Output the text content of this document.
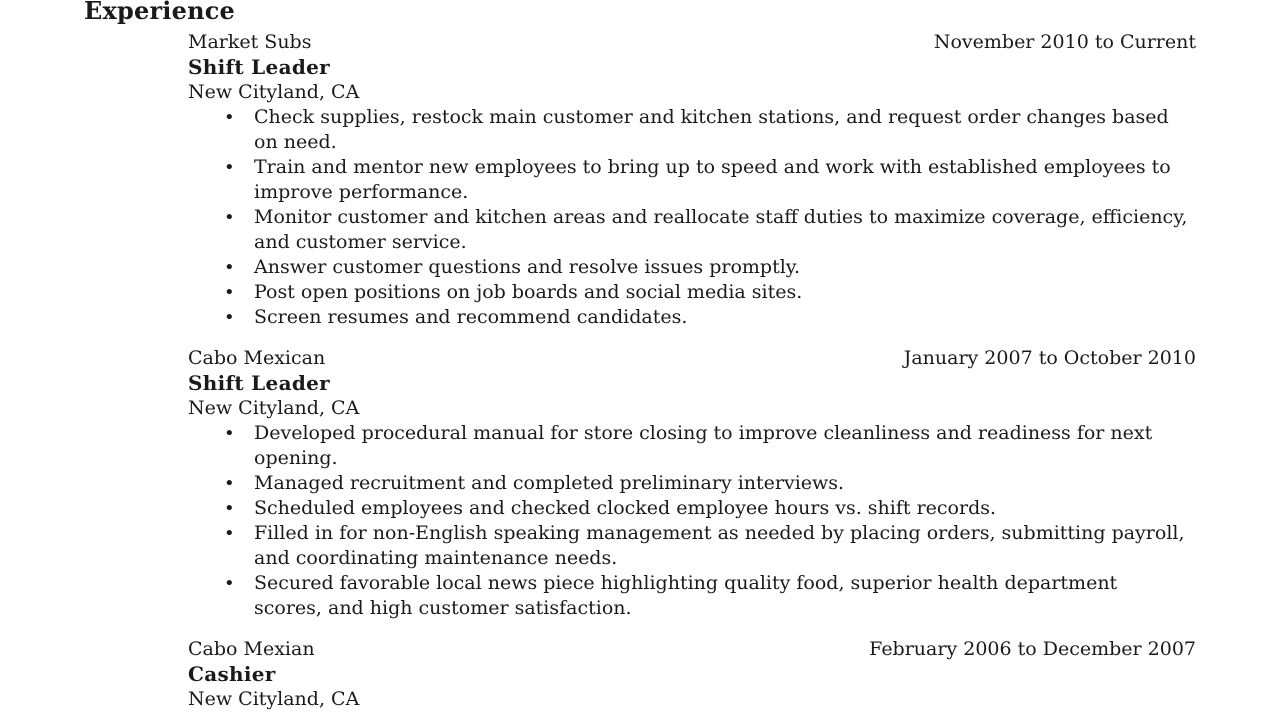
Experience
Market Subs	November 2010 to Current
Shift Leader
New Cityland, CA
• Check supplies, restock main customer and kitchen stations, and request order changes based on need.
• Train and mentor new employees to bring up to speed and work with established employees to improve performance.
• Monitor customer and kitchen areas and reallocate staff duties to maximize coverage, efficiency, and customer service.
• Answer customer questions and resolve issues promptly.
• Post open positions on job boards and social media sites.
• Screen resumes and recommend candidates.
Cabo Mexican	January 2007 to October 2010
Shift Leader
New Cityland, CA
• Developed procedural manual for store closing to improve cleanliness and readiness for next opening.
• Managed recruitment and completed preliminary interviews.
• Scheduled employees and checked clocked employee hours vs. shift records.
• Filled in for non-English speaking management as needed by placing orders, submitting payroll, and coordinating maintenance needs.
• Secured favorable local news piece highlighting quality food, superior health department scores, and high customer satisfaction.
Cabo Mexian	February 2006 to December 2007
Cashier
New Cityland, CA
